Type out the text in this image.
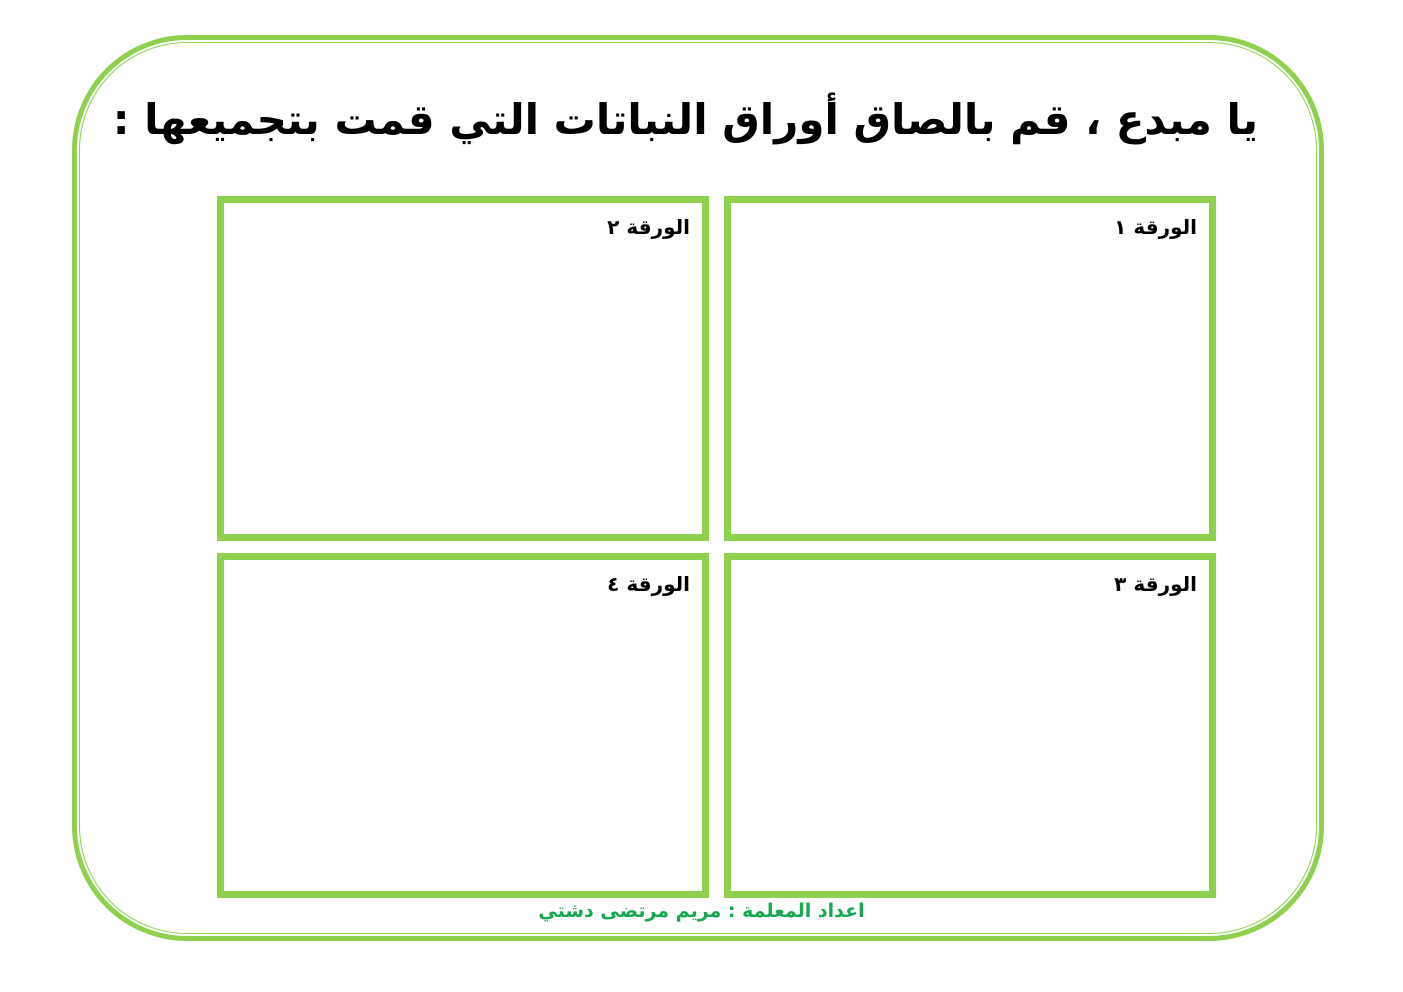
يا مبدع ، قم بالصاق أوراق النباتات التي قمت بتجميعها :
الورقة ١
الورقة ٢
الورقة ٣
الورقة ٤
اعداد المعلمة : مريم مرتضى دشتي
